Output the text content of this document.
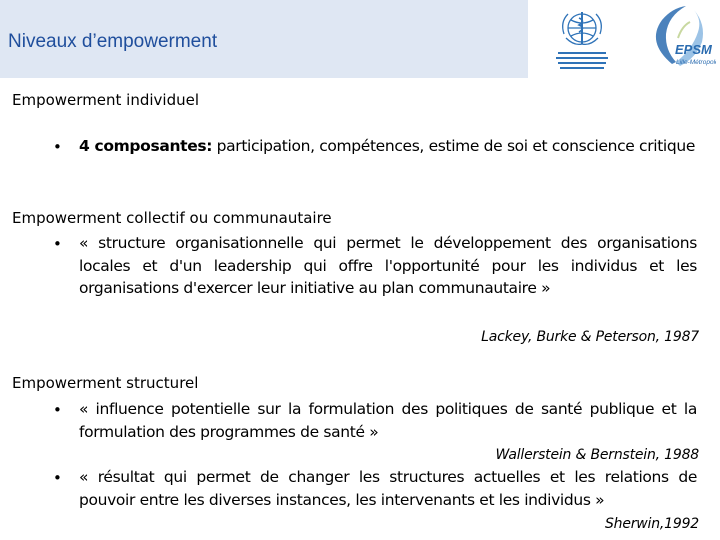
Niveaux d’empowerment	EPSM
Lille-Métropole
Empowerment individuel
• 4 composantes: participation, compétences, estime de soi et conscience critique
Empowerment collectif ou communautaire
• « structure organisationnelle qui permet le développement des organisations locales et d'un leadership qui offre l'opportunité pour les individus et les organisations d'exercer leur initiative au plan communautaire »
Lackey, Burke & Peterson, 1987
Empowerment structurel
• « influence potentielle sur la formulation des politiques de santé publique et la formulation des programmes de santé »
Wallerstein & Bernstein, 1988
• « résultat qui permet de changer les structures actuelles et les relations de pouvoir entre les diverses instances, les intervenants et les individus »
Sherwin,1992
